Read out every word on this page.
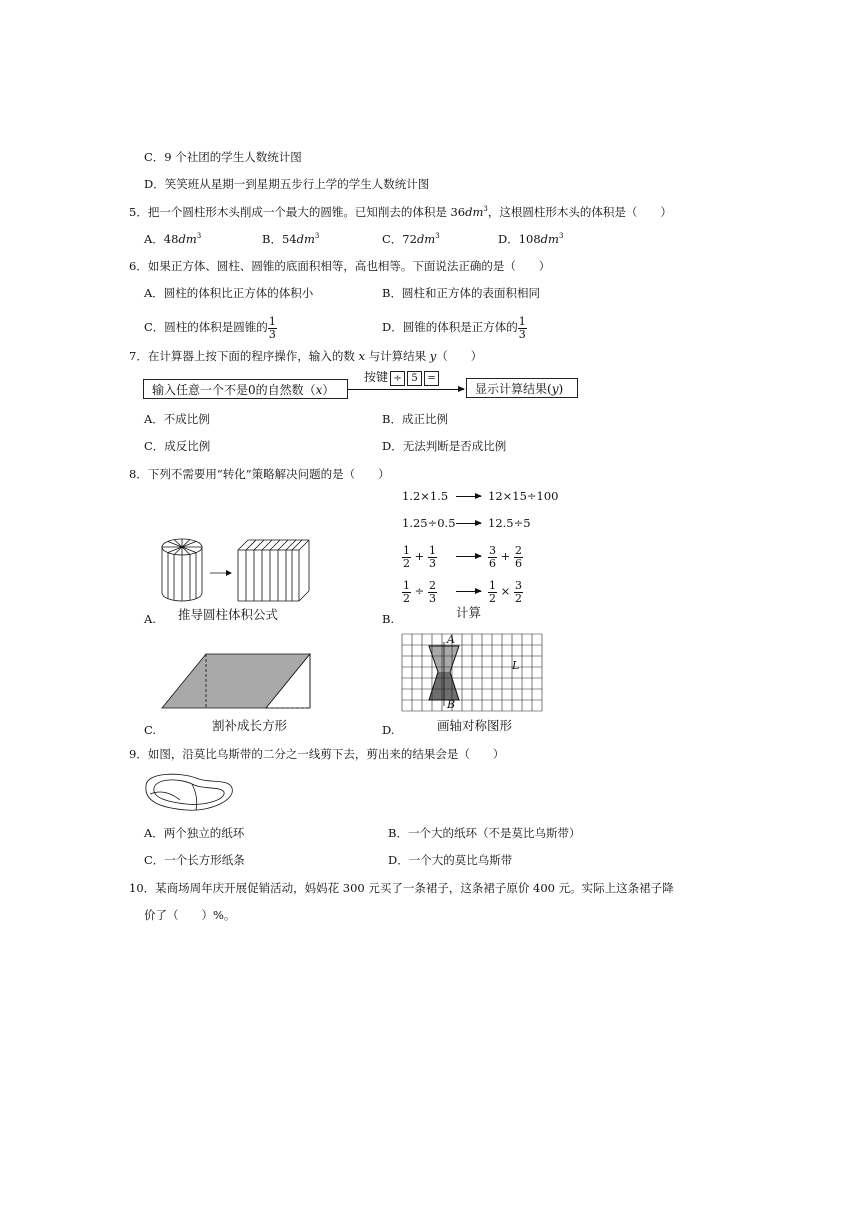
C．9 个社团的学生人数统计图
D．笑笑班从星期一到星期五步行上学的学生人数统计图
5．把一个圆柱形木头削成一个最大的圆锥。已知削去的体积是 $36dm^3$，这根圆柱形木头的体积是（　　）
A．$48dm^3$	B．$54dm^3$	C．$72dm^3$	D．$108dm^3$
6．如果正方体、圆柱、圆锥的底面积相等，高也相等。下面说法正确的是（　　）
A．圆柱的体积比正方体的体积小	B．圆柱和正方体的表面积相同
C．圆柱的体积是圆锥的 $\frac{1}{3}$	D．圆锥的体积是正方体的 $\frac{1}{3}$
7．在计算器上按下面的程序操作，输入的数 x 与计算结果 y（　　）
输入任意一个不是0的自然数（x）
按键 ÷ 5 =
显示计算结果(y)
A．不成比例	B．成正比例
C．成反比例	D．无法判断是否成比例
8．下列不需要用“转化”策略解决问题的是（　　）
A. 推导圆柱体积公式
1.2×1.5	12×15÷100
1.25÷0.5	12.5÷5
$\frac{1}{2} + \frac{1}{3}$	$\frac{3}{6} + \frac{2}{6}$
$\frac{1}{2} \div \frac{2}{3}$	$\frac{1}{2} \times \frac{3}{2}$
B.	计算
C.	割补成长方形
A
B
L
D.	画轴对称图形
9．如图，沿莫比乌斯带的二分之一线剪下去，剪出来的结果会是（　　）
A．两个独立的纸环	B．一个大的纸环（不是莫比乌斯带）
C．一个长方形纸条	D．一个大的莫比乌斯带
10．某商场周年庆开展促销活动，妈妈花 300 元买了一条裙子，这条裙子原价 400 元。实际上这条裙子降
价了（　　）%。
